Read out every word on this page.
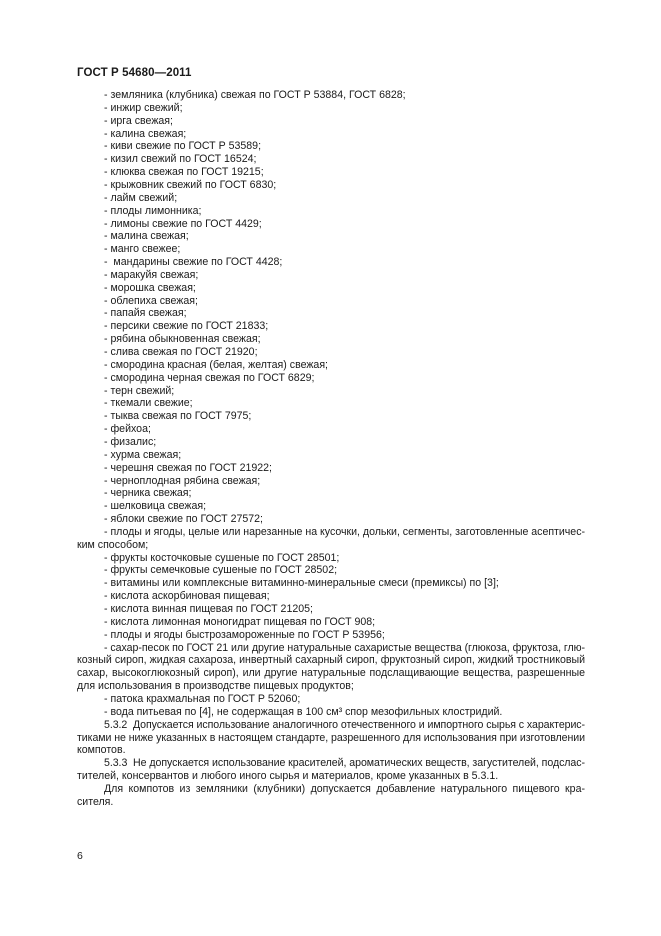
ГОСТ Р 54680—2011
- земляника (клубника) свежая по ГОСТ Р 53884, ГОСТ 6828;
- инжир свежий;
- ирга свежая;
- калина свежая;
- киви свежие по ГОСТ Р 53589;
- кизил свежий по ГОСТ 16524;
- клюква свежая по ГОСТ 19215;
- крыжовник свежий по ГОСТ 6830;
- лайм свежий;
- плоды лимонника;
- лимоны свежие по ГОСТ 4429;
- малина свежая;
- манго свежее;
-  мандарины свежие по ГОСТ 4428;
- маракуйя свежая;
- морошка свежая;
- облепиха свежая;
- папайя свежая;
- персики свежие по ГОСТ 21833;
- рябина обыкновенная свежая;
- слива свежая по ГОСТ 21920;
- смородина красная (белая, желтая) свежая;
- смородина черная свежая по ГОСТ 6829;
- терн свежий;
- ткемали свежие;
- тыква свежая по ГОСТ 7975;
- фейхоа;
- физалис;
- хурма свежая;
- черешня свежая по ГОСТ 21922;
- черноплодная рябина свежая;
- черника свежая;
- шелковица свежая;
- яблоки свежие по ГОСТ 27572;
- плоды и ягоды, целые или нарезанные на кусочки, дольки, сегменты, заготовленные асептичес-
ким способом;
- фрукты косточковые сушеные по ГОСТ 28501;
- фрукты семечковые сушеные по ГОСТ 28502;
- витамины или комплексные витаминно-минеральные смеси (премиксы) по [3];
- кислота аскорбиновая пищевая;
- кислота винная пищевая по ГОСТ 21205;
- кислота лимонная моногидрат пищевая по ГОСТ 908;
- плоды и ягоды быстрозамороженные по ГОСТ Р 53956;
- сахар-песок по ГОСТ 21 или другие натуральные сахаристые вещества (глюкоза, фруктоза, глю-
козный сироп, жидкая сахароза, инвертный сахарный сироп, фруктозный сироп, жидкий тростниковый
сахар, высокоглюкозный сироп), или другие натуральные подслащивающие вещества, разрешенные
для использования в производстве пищевых продуктов;
- патока крахмальная по ГОСТ Р 52060;
- вода питьевая по [4], не содержащая в 100 см³ спор мезофильных клостридий.
5.3.2  Допускается использование аналогичного отечественного и импортного сырья с характерис-
тиками не ниже указанных в настоящем стандарте, разрешенного для использования при изготовлении
компотов.
5.3.3  Не допускается использование красителей, ароматических веществ, загустителей, подслас-
тителей, консервантов и любого иного сырья и материалов, кроме указанных в 5.3.1.
Для компотов из земляники (клубники) допускается добавление натурального пищевого кра-
сителя.
6
